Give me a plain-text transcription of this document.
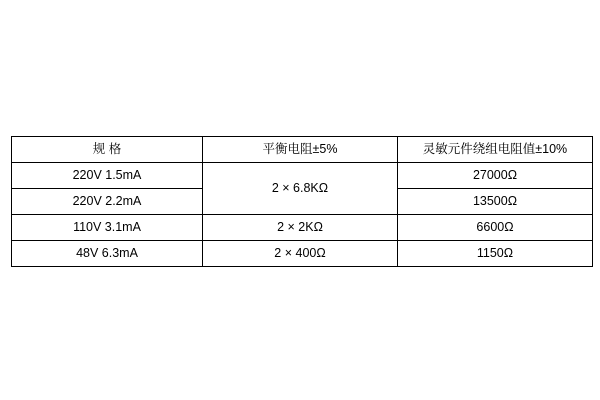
规 格	平衡电阻±5%	灵敏元件绕组电阻值±10%
220V 1.5mA	2 × 6.8KΩ	27000Ω
220V 2.2mA		13500Ω
110V 3.1mA	2 × 2KΩ	6600Ω
48V 6.3mA	2 × 400Ω	1150Ω
